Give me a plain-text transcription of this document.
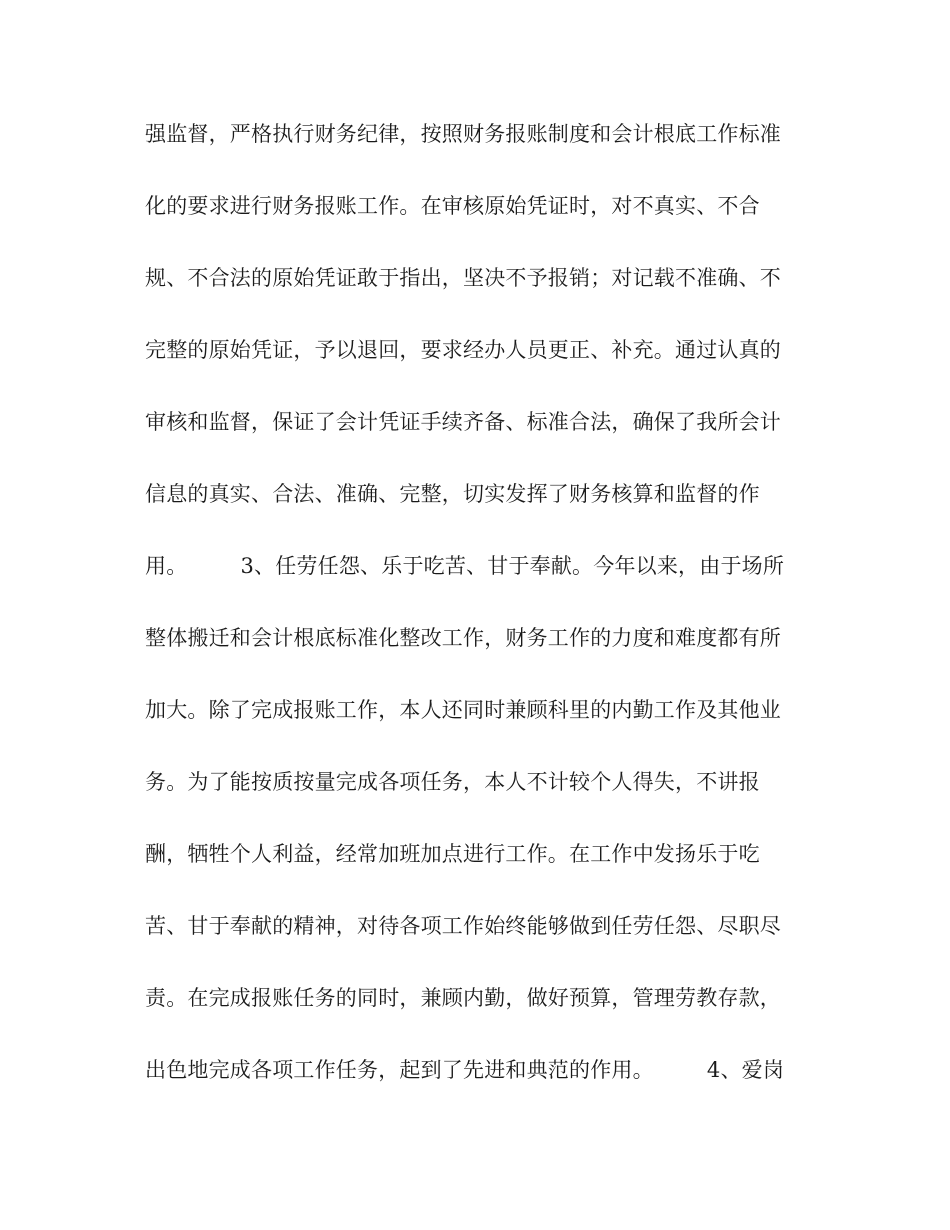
强监督，严格执行财务纪律，按照财务报账制度和会计根底工作标准
化的要求进行财务报账工作。在审核原始凭证时，对不真实、不合
规、不合法的原始凭证敢于指出，坚决不予报销；对记载不准确、不
完整的原始凭证，予以退回，要求经办人员更正、补充。通过认真的
审核和监督，保证了会计凭证手续齐备、标准合法，确保了我所会计
信息的真实、合法、准确、完整，切实发挥了财务核算和监督的作
用。　　　3、任劳任怨、乐于吃苦、甘于奉献。今年以来，由于场所
整体搬迁和会计根底标准化整改工作，财务工作的力度和难度都有所
加大。除了完成报账工作，本人还同时兼顾科里的内勤工作及其他业
务。为了能按质按量完成各项任务，本人不计较个人得失，不讲报
酬，牺牲个人利益，经常加班加点进行工作。在工作中发扬乐于吃
苦、甘于奉献的精神，对待各项工作始终能够做到任劳任怨、尽职尽
责。在完成报账任务的同时，兼顾内勤，做好预算，管理劳教存款，
出色地完成各项工作任务，起到了先进和典范的作用。　　　4、爱岗
